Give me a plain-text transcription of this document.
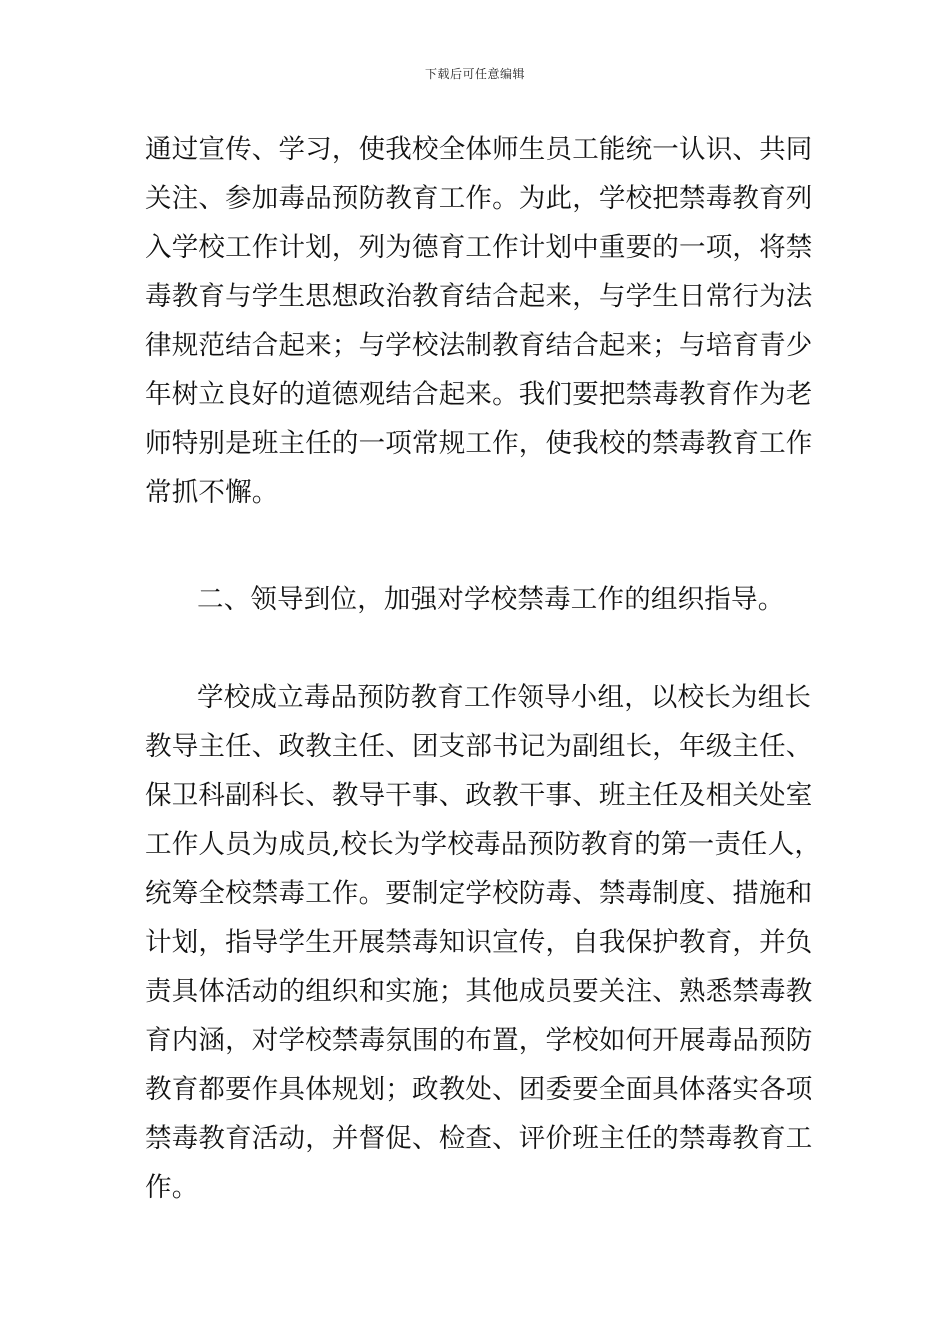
下载后可任意编辑
通过宣传、学习，使我校全体师生员工能统一认识、共同
关注、参加毒品预防教育工作。为此，学校把禁毒教育列
入学校工作计划，列为德育工作计划中重要的一项，将禁
毒教育与学生思想政治教育结合起来，与学生日常行为法
律规范结合起来；与学校法制教育结合起来；与培育青少
年树立良好的道德观结合起来。我们要把禁毒教育作为老
师特别是班主任的一项常规工作，使我校的禁毒教育工作
常抓不懈。
二、领导到位，加强对学校禁毒工作的组织指导。
学校成立毒品预防教育工作领导小组，以校长为组长
教导主任、政教主任、团支部书记为副组长，年级主任、
保卫科副科长、教导干事、政教干事、班主任及相关处室
工作人员为成员,校长为学校毒品预防教育的第一责任人，
统筹全校禁毒工作。要制定学校防毒、禁毒制度、措施和
计划，指导学生开展禁毒知识宣传，自我保护教育，并负
责具体活动的组织和实施；其他成员要关注、熟悉禁毒教
育内涵，对学校禁毒氛围的布置，学校如何开展毒品预防
教育都要作具体规划；政教处、团委要全面具体落实各项
禁毒教育活动，并督促、检查、评价班主任的禁毒教育工
作。
